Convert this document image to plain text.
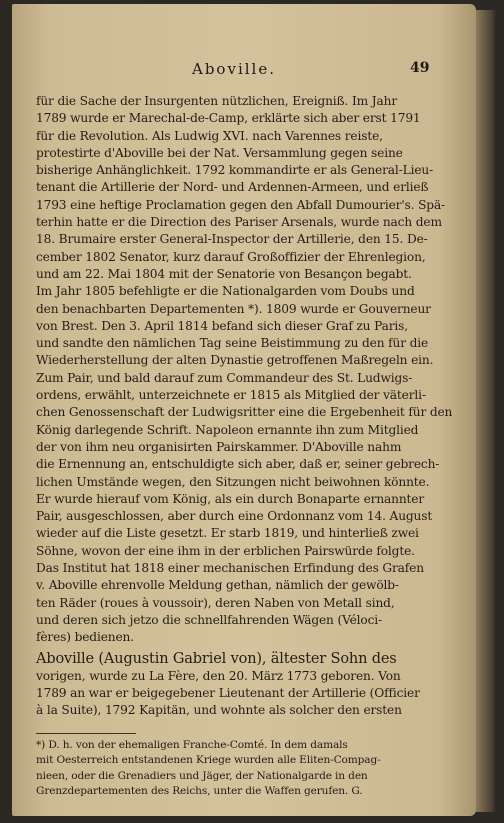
Aboville.	49
für die Sache der Insurgenten nützlichen, Ereigniß. Im Jahr
1789 wurde er Marechal-de-Camp, erklärte sich aber erst 1791
für die Revolution. Als Ludwig XVI. nach Varennes reiste,
protestirte d'Aboville bei der Nat. Versammlung gegen seine
bisherige Anhänglichkeit. 1792 kommandirte er als General-Lieu-
tenant die Artillerie der Nord- und Ardennen-Armeen, und erließ
1793 eine heftige Proclamation gegen den Abfall Dumourier's. Spä-
terhin hatte er die Direction des Pariser Arsenals, wurde nach dem
18. Brumaire erster General-Inspector der Artillerie, den 15. De-
cember 1802 Senator, kurz darauf Großoffizier der Ehrenlegion,
und am 22. Mai 1804 mit der Senatorie von Besançon begabt.
Im Jahr 1805 befehligte er die Nationalgarden vom Doubs und
den benachbarten Departementen *). 1809 wurde er Gouverneur
von Brest. Den 3. April 1814 befand sich dieser Graf zu Paris,
und sandte den nämlichen Tag seine Beistimmung zu den für die
Wiederherstellung der alten Dynastie getroffenen Maßregeln ein.
Zum Pair, und bald darauf zum Commandeur des St. Ludwigs-
ordens, erwählt, unterzeichnete er 1815 als Mitglied der väterli-
chen Genossenschaft der Ludwigsritter eine die Ergebenheit für den
König darlegende Schrift. Napoleon ernannte ihn zum Mitglied
der von ihm neu organisirten Pairskammer. D'Aboville nahm
die Ernennung an, entschuldigte sich aber, daß er, seiner gebrech-
lichen Umstände wegen, den Sitzungen nicht beiwohnen könnte.
Er wurde hierauf vom König, als ein durch Bonaparte ernannter
Pair, ausgeschlossen, aber durch eine Ordonnanz vom 14. August
wieder auf die Liste gesetzt. Er starb 1819, und hinterließ zwei
Söhne, wovon der eine ihm in der erblichen Pairswürde folgte.
Das Institut hat 1818 einer mechanischen Erfindung des Grafen
v. Aboville ehrenvolle Meldung gethan, nämlich der gewölb-
ten Räder (roues à voussoir), deren Naben von Metall sind,
und deren sich jetzo die schnellfahrenden Wägen (Véloci-
fères) bedienen.
Aboville (Augustin Gabriel von), ältester Sohn des
vorigen, wurde zu La Fère, den 20. März 1773 geboren. Von
1789 an war er beigegebener Lieutenant der Artillerie (Officier
à la Suite), 1792 Kapitän, und wohnte als solcher den ersten
*) D. h. von der ehemaligen Franche-Comté. In dem damals
mit Oesterreich entstandenen Kriege wurden alle Eliten-Compag-
nieen, oder die Grenadiers und Jäger, der Nationalgarde in den
Grenzdepartementen des Reichs, unter die Waffen gerufen. G.
